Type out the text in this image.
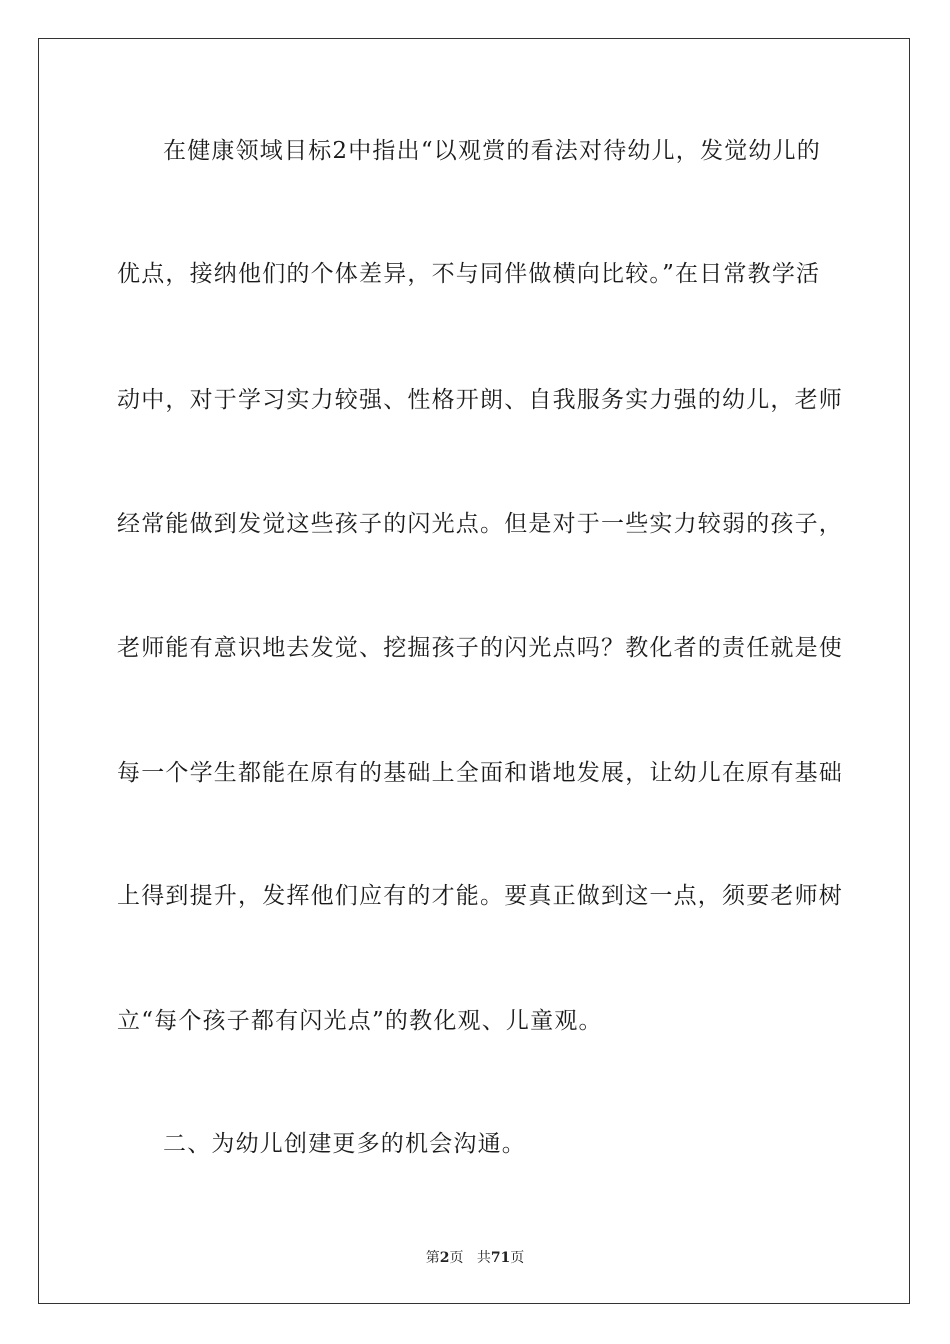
在健康领域目标2中指出“以观赏的看法对待幼儿，发觉幼儿的
优点，接纳他们的个体差异，不与同伴做横向比较。”在日常教学活
动中，对于学习实力较强、性格开朗、自我服务实力强的幼儿，老师
经常能做到发觉这些孩子的闪光点。但是对于一些实力较弱的孩子，
老师能有意识地去发觉、挖掘孩子的闪光点吗？教化者的责任就是使
每一个学生都能在原有的基础上全面和谐地发展，让幼儿在原有基础
上得到提升，发挥他们应有的才能。要真正做到这一点，须要老师树
立“每个孩子都有闪光点”的教化观、儿童观。
二、为幼儿创建更多的机会沟通。
第2页 共71页
